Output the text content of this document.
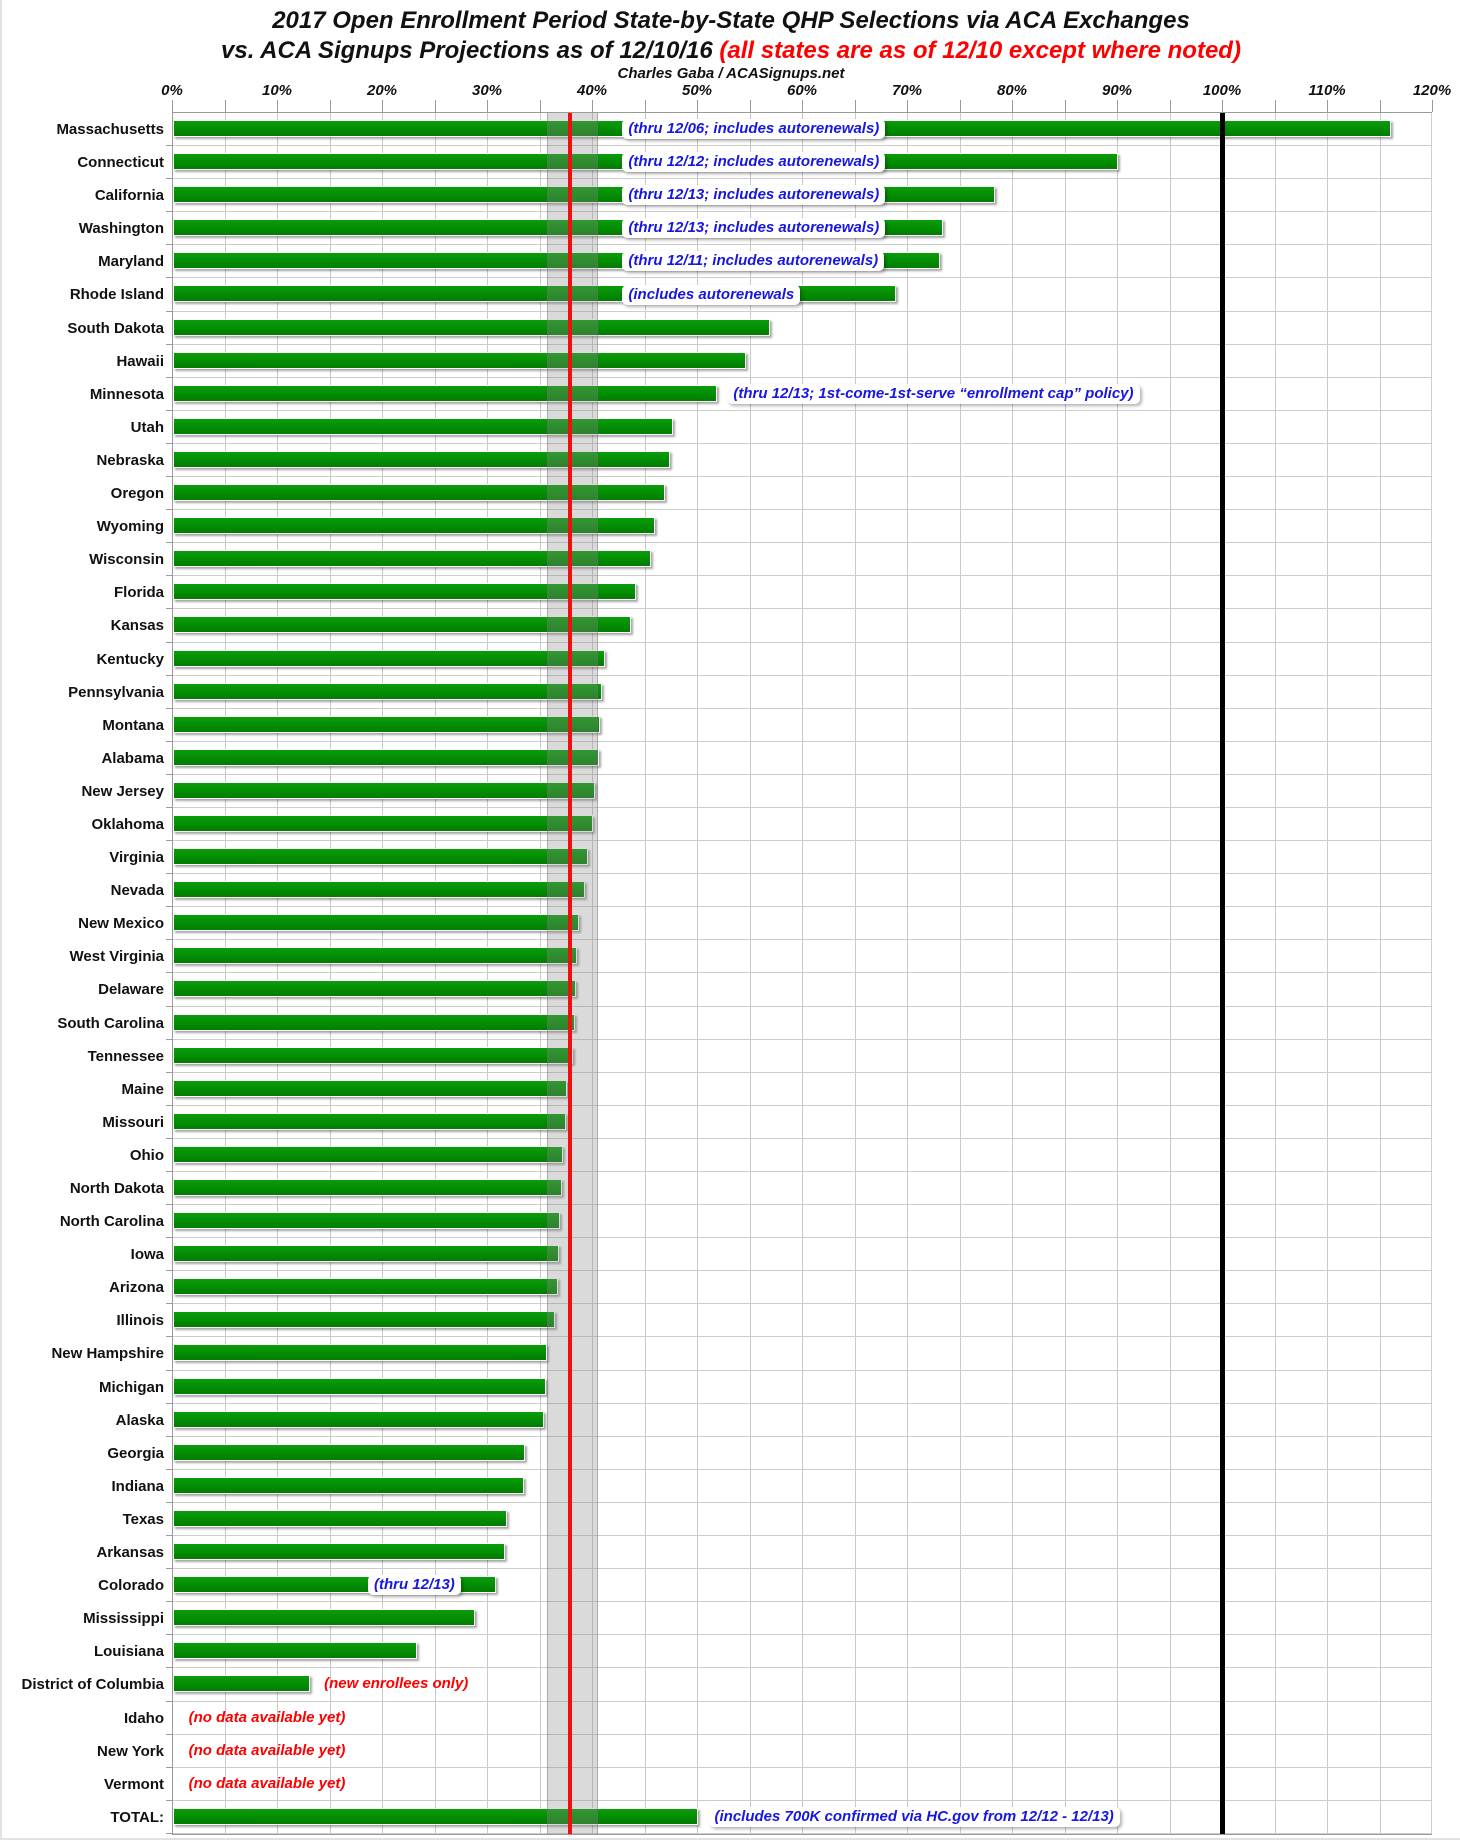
2017 Open Enrollment Period State-by-State QHP Selections via ACA Exchanges
vs. ACA Signups Projections as of 12/10/16 (all states are as of 12/10 except where noted)
Charles Gaba / ACASignups.net
0%	10%	20%	30%	40%	50%	60%	70%	80%	90%	100%	110%	120%
Massachusetts	(thru 12/06; includes autorenewals)
Connecticut	(thru 12/12; includes autorenewals)
California	(thru 12/13; includes autorenewals)
Washington	(thru 12/13; includes autorenewals)
Maryland	(thru 12/11; includes autorenewals)
Rhode Island	(includes autorenewals
South Dakota
Hawaii
Minnesota	(thru 12/13; 1st-come-1st-serve “enrollment cap” policy)
Utah
Nebraska
Oregon
Wyoming
Wisconsin
Florida
Kansas
Kentucky
Pennsylvania
Montana
Alabama
New Jersey
Oklahoma
Virginia
Nevada
New Mexico
West Virginia
Delaware
South Carolina
Tennessee
Maine
Missouri
Ohio
North Dakota
North Carolina
Iowa
Arizona
Illinois
New Hampshire
Michigan
Alaska
Georgia
Indiana
Texas
Arkansas
Colorado	(thru 12/13)
Mississippi
Louisiana
District of Columbia	(new enrollees only)
Idaho	(no data available yet)
New York	(no data available yet)
Vermont	(no data available yet)
TOTAL:	(includes 700K confirmed via HC.gov from 12/12 - 12/13)
